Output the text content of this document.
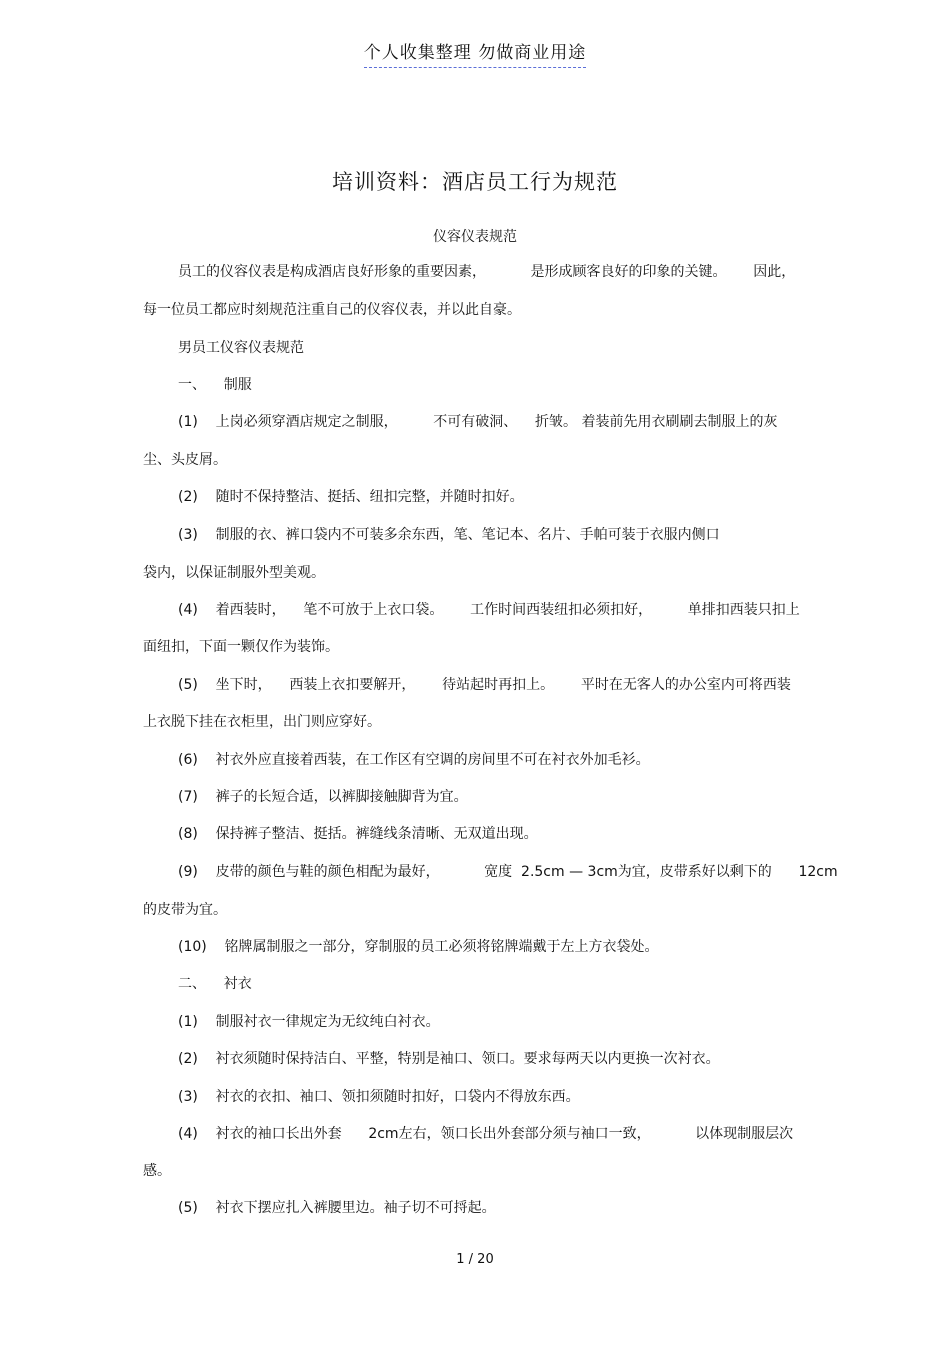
个人收集整理 勿做商业用途
培训资料：酒店员工行为规范
仪容仪表规范
员工的仪容仪表是构成酒店良好形象的重要因素，          是形成顾客良好的印象的关键。      因此，
每一位员工都应时刻规范注重自己的仪容仪表，并以此自豪。
男员工仪容仪表规范
一、    制服
(1)    上岗必须穿酒店规定之制服，        不可有破洞、    折皱。 着装前先用衣刷刷去制服上的灰
尘、头皮屑。
(2)    随时不保持整洁、挺括、纽扣完整，并随时扣好。
(3)    制服的衣、裤口袋内不可装多余东西，笔、笔记本、名片、手帕可装于衣服内侧口
袋内，以保证制服外型美观。
(4)    着西装时，    笔不可放于上衣口袋。      工作时间西装纽扣必须扣好，        单排扣西装只扣上
面纽扣，下面一颗仅作为装饰。
(5)    坐下时，    西装上衣扣要解开，      待站起时再扣上。      平时在无客人的办公室内可将西装
上衣脱下挂在衣柜里，出门则应穿好。
(6)    衬衣外应直接着西装，在工作区有空调的房间里不可在衬衣外加毛衫。
(7)    裤子的长短合适，以裤脚接触脚背为宜。
(8)    保持裤子整洁、挺括。裤缝线条清晰、无双道出现。
(9)    皮带的颜色与鞋的颜色相配为最好，          宽度  2.5cm — 3cm为宜，皮带系好以剩下的      12cm
的皮带为宜。
(10)    铭牌属制服之一部分，穿制服的员工必须将铭牌端戴于左上方衣袋处。
二、    衬衣
(1)    制服衬衣一律规定为无纹纯白衬衣。
(2)    衬衣须随时保持洁白、平整，特别是袖口、领口。要求每两天以内更换一次衬衣。
(3)    衬衣的衣扣、袖口、领扣须随时扣好，口袋内不得放东西。
(4)    衬衣的袖口长出外套      2cm左右，领口长出外套部分须与袖口一致，          以体现制服层次
感。
(5)    衬衣下摆应扎入裤腰里边。袖子切不可捋起。
1 / 20
